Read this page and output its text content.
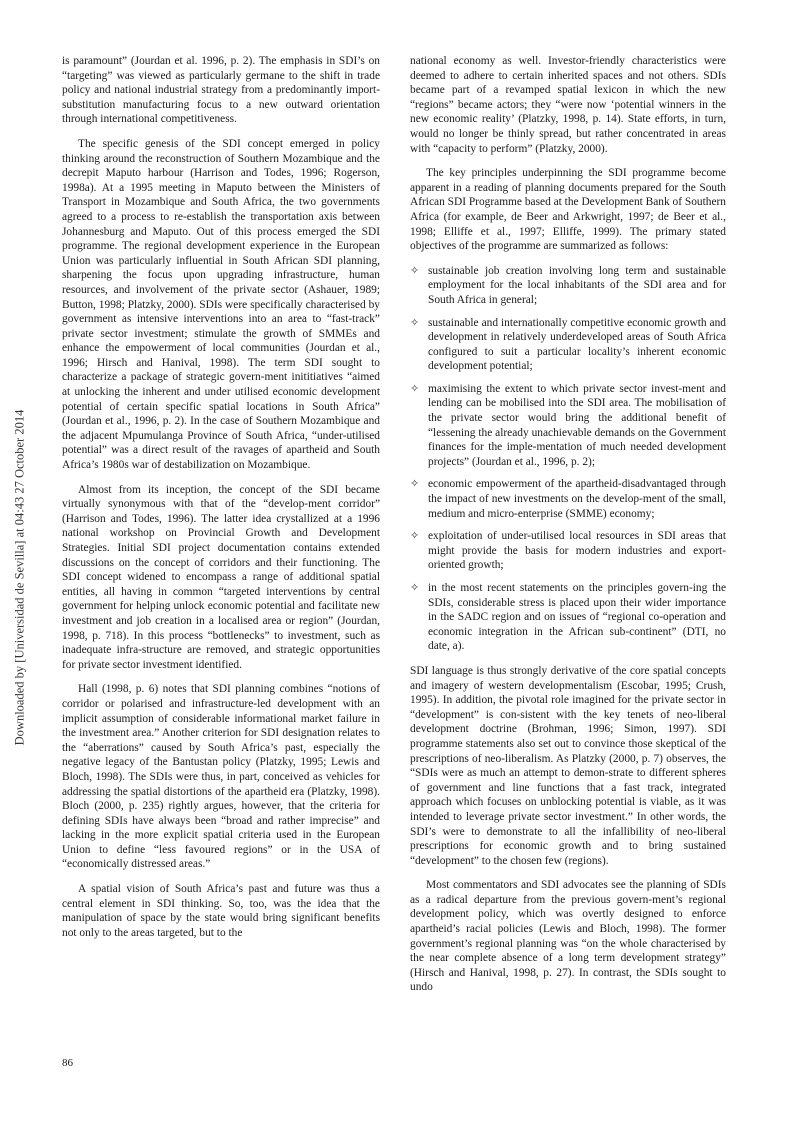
Downloaded by [Universidad de Sevilla] at 04:43 27 October 2014

is paramount” (Jourdan et al. 1996, p. 2). The emphasis in SDI’s on “targeting” was viewed as particularly germane to the shift in trade policy and national industrial strategy from a predominantly import-substitution manufacturing focus to a new outward orientation through international competitiveness.

The specific genesis of the SDI concept emerged in policy thinking around the reconstruction of Southern Mozambique and the decrepit Maputo harbour (Harrison and Todes, 1996; Rogerson, 1998a). At a 1995 meeting in Maputo between the Ministers of Transport in Mozambique and South Africa, the two governments agreed to a process to re-establish the transportation axis between Johannesburg and Maputo. Out of this process emerged the SDI programme. The regional development experience in the European Union was particularly influential in South African SDI planning, sharpening the focus upon upgrading infrastructure, human resources, and involvement of the private sector (Ashauer, 1989; Button, 1998; Platzky, 2000). SDIs were specifically characterised by government as intensive interventions into an area to “fast-track” private sector investment; stimulate the growth of SMMEs and enhance the empowerment of local communities (Jourdan et al., 1996; Hirsch and Hanival, 1998). The term SDI sought to characterize a package of strategic govern-ment inititiatives “aimed at unlocking the inherent and under utilised economic development potential of certain specific spatial locations in South Africa” (Jourdan et al., 1996, p. 2). In the case of Southern Mozambique and the adjacent Mpumulanga Province of South Africa, “under-utilised potential” was a direct result of the ravages of apartheid and South Africa’s 1980s war of destabilization on Mozambique.

Almost from its inception, the concept of the SDI became virtually synonymous with that of the “develop-ment corridor” (Harrison and Todes, 1996). The latter idea crystallized at a 1996 national workshop on Provincial Growth and Development Strategies. Initial SDI project documentation contains extended discussions on the concept of corridors and their functioning. The SDI concept widened to encompass a range of additional spatial entities, all having in common “targeted interventions by central government for helping unlock economic potential and facilitate new investment and job creation in a localised area or region” (Jourdan, 1998, p. 718). In this process “bottlenecks” to investment, such as inadequate infra-structure are removed, and strategic opportunities for private sector investment identified.

Hall (1998, p. 6) notes that SDI planning combines “notions of corridor or polarised and infrastructure-led development with an implicit assumption of considerable informational market failure in the investment area.” Another criterion for SDI designation relates to the “aberrations” caused by South Africa’s past, especially the negative legacy of the Bantustan policy (Platzky, 1995; Lewis and Bloch, 1998). The SDIs were thus, in part, conceived as vehicles for addressing the spatial distortions of the apartheid era (Platzky, 1998). Bloch (2000, p. 235) rightly argues, however, that the criteria for defining SDIs have always been “broad and rather imprecise” and lacking in the more explicit spatial criteria used in the European Union to define “less favoured regions” or in the USA of “economically distressed areas.”

A spatial vision of South Africa’s past and future was thus a central element in SDI thinking. So, too, was the idea that the manipulation of space by the state would bring significant benefits not only to the areas targeted, but to the

national economy as well. Investor-friendly characteristics were deemed to adhere to certain inherited spaces and not others. SDIs became part of a revamped spatial lexicon in which the new “regions” became actors; they “were now ‘potential winners in the new economic reality’ (Platzky, 1998, p. 14). State efforts, in turn, would no longer be thinly spread, but rather concentrated in areas with “capacity to perform” (Platzky, 2000).

The key principles underpinning the SDI programme become apparent in a reading of planning documents prepared for the South African SDI Programme based at the Development Bank of Southern Africa (for example, de Beer and Arkwright, 1997; de Beer et al., 1998; Elliffe et al., 1997; Elliffe, 1999). The primary stated objectives of the programme are summarized as follows:

✧ sustainable job creation involving long term and sustainable employment for the local inhabitants of the SDI area and for South Africa in general;
✧ sustainable and internationally competitive economic growth and development in relatively underdeveloped areas of South Africa configured to suit a particular locality’s inherent economic development potential;
✧ maximising the extent to which private sector invest-ment and lending can be mobilised into the SDI area. The mobilisation of the private sector would bring the additional benefit of “lessening the already unachievable demands on the Government finances for the imple-mentation of much needed development projects” (Jourdan et al., 1996, p. 2);
✧ economic empowerment of the apartheid-disadvantaged through the impact of new investments on the develop-ment of the small, medium and micro-enterprise (SMME) economy;
✧ exploitation of under-utilised local resources in SDI areas that might provide the basis for modern industries and export-oriented growth;
✧ in the most recent statements on the principles govern-ing the SDIs, considerable stress is placed upon their wider importance in the SADC region and on issues of “regional co-operation and economic integration in the African sub-continent” (DTI, no date, a).

SDI language is thus strongly derivative of the core spatial concepts and imagery of western developmentalism (Escobar, 1995; Crush, 1995). In addition, the pivotal role imagined for the private sector in “development” is con-sistent with the key tenets of neo-liberal development doctrine (Brohman, 1996; Simon, 1997). SDI programme statements also set out to convince those skeptical of the prescriptions of neo-liberalism. As Platzky (2000, p. 7) observes, the “SDIs were as much an attempt to demon-strate to different spheres of government and line functions that a fast track, integrated approach which focuses on unblocking potential is viable, as it was intended to leverage private sector investment.” In other words, the SDI’s were to demonstrate to all the infallibility of neo-liberal prescriptions for economic growth and to bring sustained “development” to the chosen few (regions).

Most commentators and SDI advocates see the planning of SDIs as a radical departure from the previous govern-ment’s regional development policy, which was overtly designed to enforce apartheid’s racial policies (Lewis and Bloch, 1998). The former government’s regional planning was “on the whole characterised by the near complete absence of a long term development strategy” (Hirsch and Hanival, 1998, p. 27). In contrast, the SDIs sought to undo

86
